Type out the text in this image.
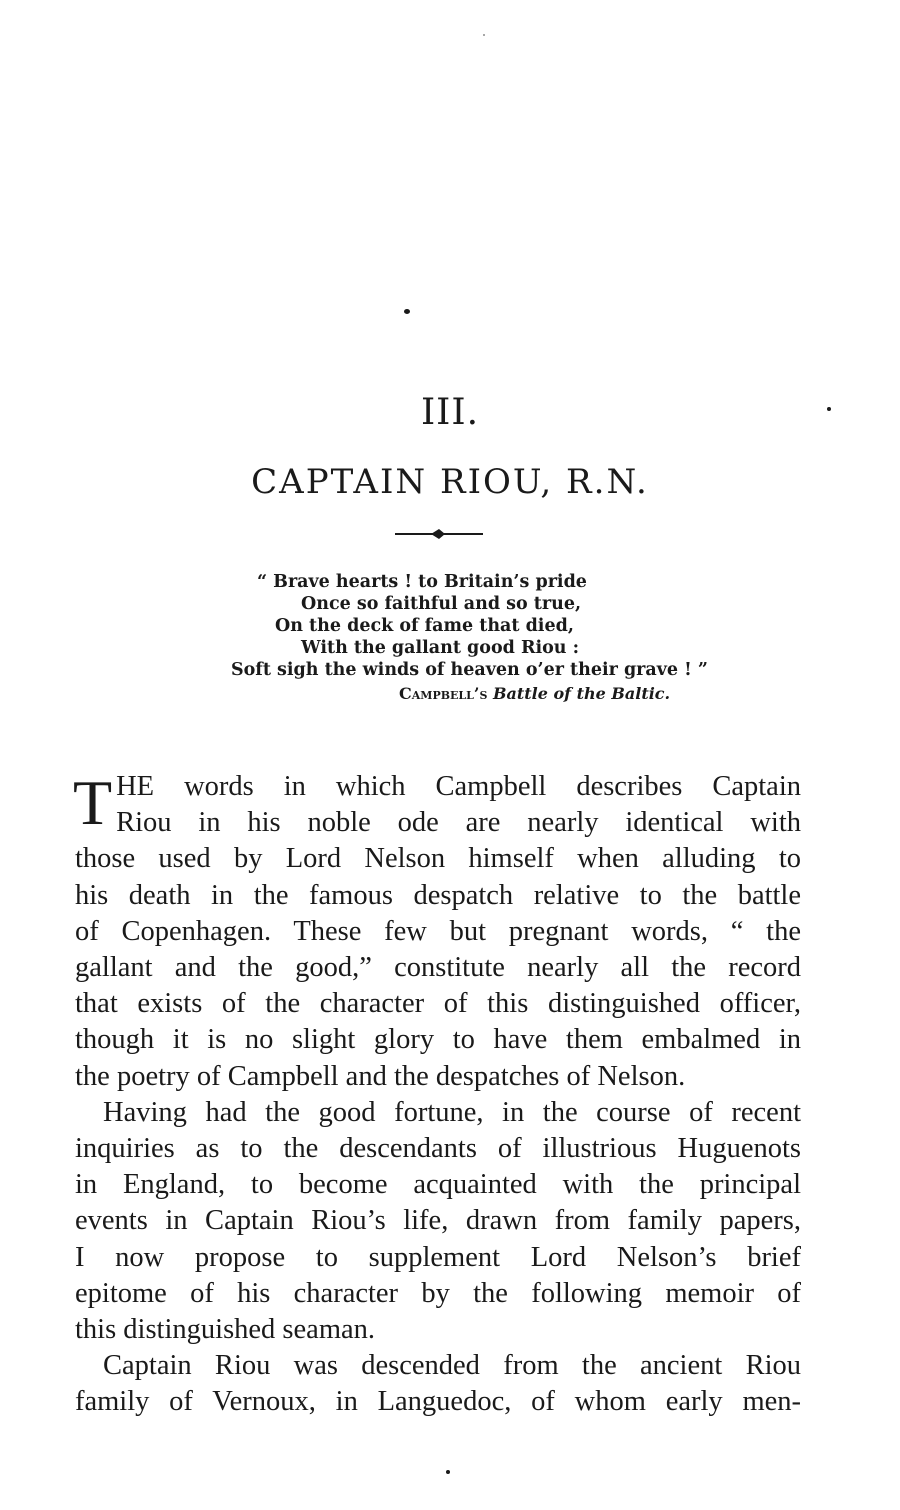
III.
CAPTAIN RIOU, R.N.
“ Brave hearts ! to Britain’s pride
Once so faithful and so true,
On the deck of fame that died,
With the gallant good Riou :
Soft sigh the winds of heaven o’er their grave ! ”
Campbell’s Battle of the Baltic.
T HE words in which Campbell describes Captain
Riou in his noble ode are nearly identical with
those used by Lord Nelson himself when alluding to
his death in the famous despatch relative to the battle
of Copenhagen. These few but pregnant words, “ the
gallant and the good,” constitute nearly all the record
that exists of the character of this distinguished officer,
though it is no slight glory to have them embalmed in
the poetry of Campbell and the despatches of Nelson.
Having had the good fortune, in the course of recent
inquiries as to the descendants of illustrious Huguenots
in England, to become acquainted with the principal
events in Captain Riou’s life, drawn from family papers,
I now propose to supplement Lord Nelson’s brief
epitome of his character by the following memoir of
this distinguished seaman.
Captain Riou was descended from the ancient Riou
family of Vernoux, in Languedoc, of whom early men-
